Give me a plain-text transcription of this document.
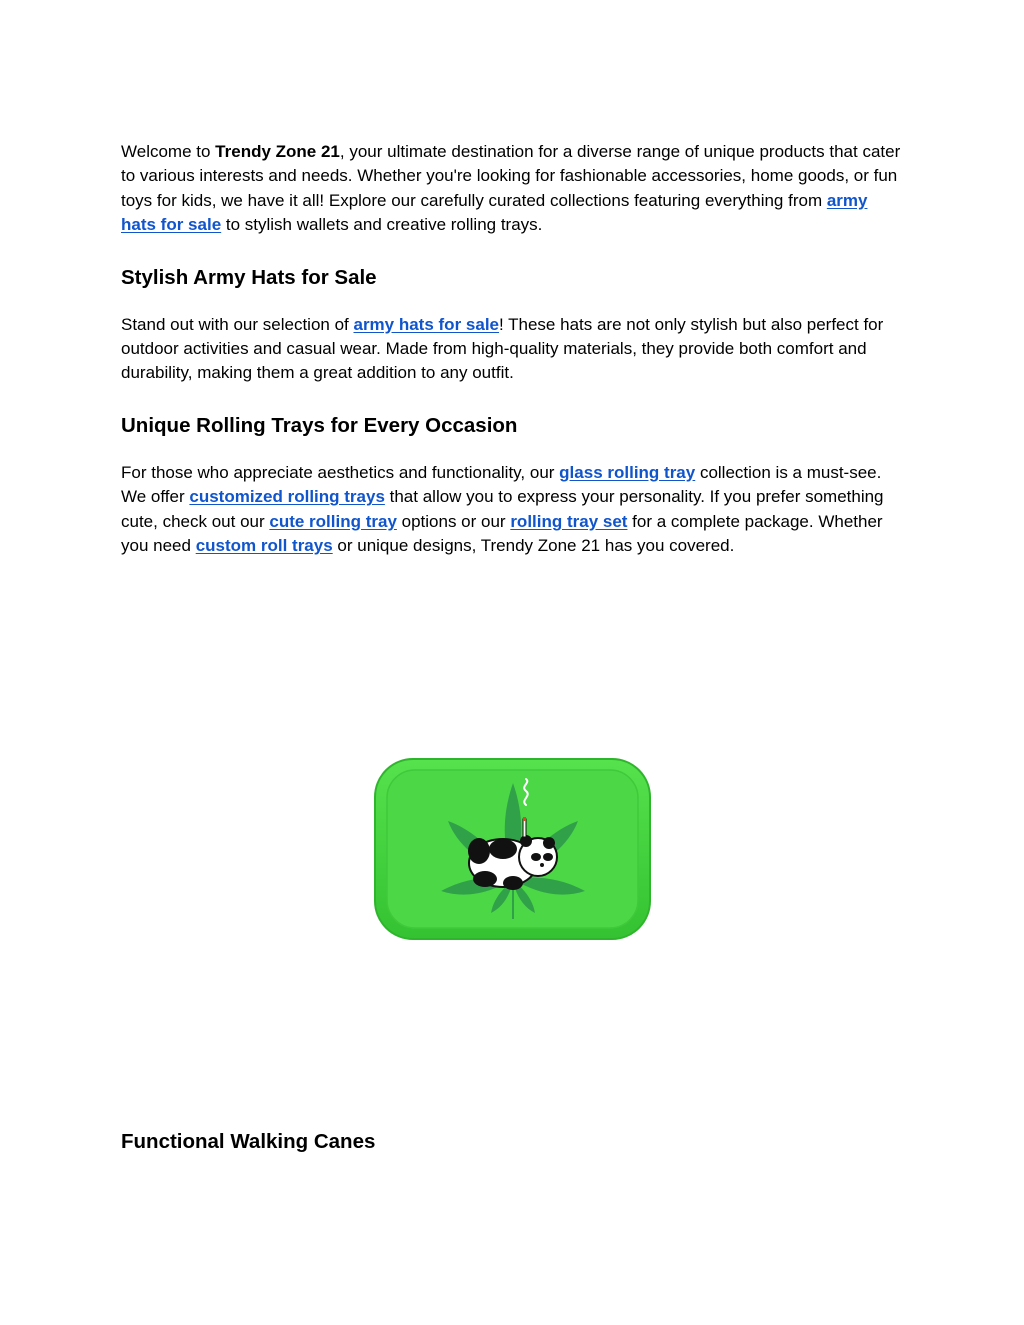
Welcome to Trendy Zone 21, your ultimate destination for a diverse range of unique products that cater to various interests and needs. Whether you're looking for fashionable accessories, home goods, or fun toys for kids, we have it all! Explore our carefully curated collections featuring everything from army hats for sale to stylish wallets and creative rolling trays.

Stylish Army Hats for Sale

Stand out with our selection of army hats for sale! These hats are not only stylish but also perfect for outdoor activities and casual wear. Made from high-quality materials, they provide both comfort and durability, making them a great addition to any outfit.

Unique Rolling Trays for Every Occasion

For those who appreciate aesthetics and functionality, our glass rolling tray collection is a must-see. We offer customized rolling trays that allow you to express your personality. If you prefer something cute, check out our cute rolling tray options or our rolling tray set for a complete package. Whether you need custom roll trays or unique designs, Trendy Zone 21 has you covered.

Functional Walking Canes
